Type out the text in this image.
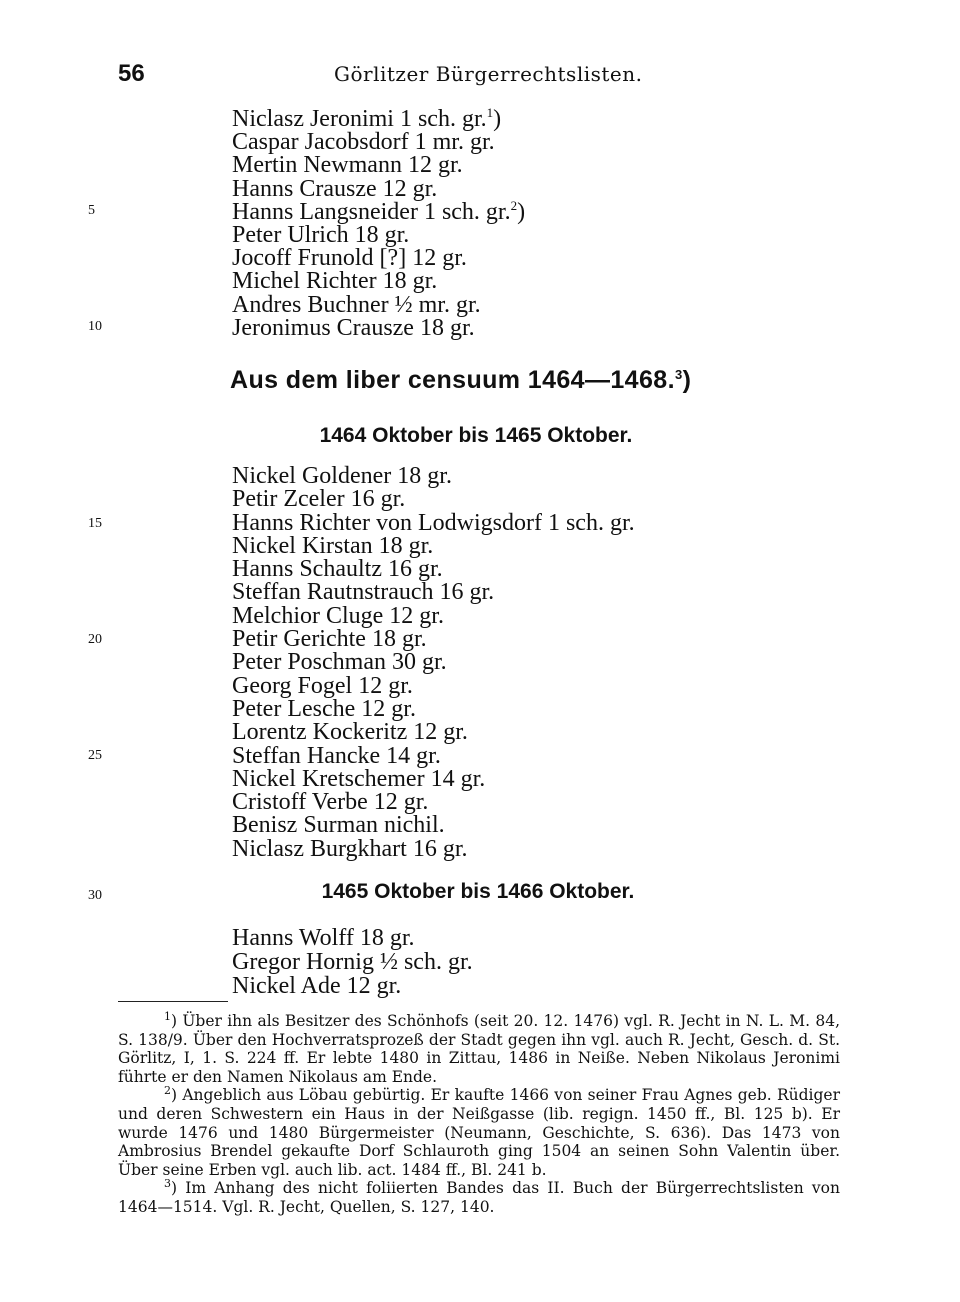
56	Görlitzer Bürgerrechtslisten.
5
10
15
20
25
30
Niclasz Jeronimi 1 sch. gr.$^1$)
Caspar Jacobsdorf 1 mr. gr.
Mertin Newmann 12 gr.
Hanns Crausze 12 gr.
Hanns Langsneider 1 sch. gr.$^2$)
Peter Ulrich 18 gr.
Jocoff Frunold [?] 12 gr.
Michel Richter 18 gr.
Andres Buchner ½ mr. gr.
Jeronimus Crausze 18 gr.
Aus dem liber censuum 1464—1468.$^3$)
1464 Oktober bis 1465 Oktober.
Nickel Goldener 18 gr.
Petir Zceler 16 gr.
Hanns Richter von Lodwigsdorf 1 sch. gr.
Nickel Kirstan 18 gr.
Hanns Schaultz 16 gr.
Steffan Rautnstrauch 16 gr.
Melchior Cluge 12 gr.
Petir Gerichte 18 gr.
Peter Poschman 30 gr.
Georg Fogel 12 gr.
Peter Lesche 12 gr.
Lorentz Kockeritz 12 gr.
Steffan Hancke 14 gr.
Nickel Kretschemer 14 gr.
Cristoff Verbe 12 gr.
Benisz Surman nichil.
Niclasz Burgkhart 16 gr.
1465 Oktober bis 1466 Oktober.
Hanns Wolff 18 gr.
Gregor Hornig ½ sch. gr.
Nickel Ade 12 gr.

$^1$) Über ihn als Besitzer des Schönhofs (seit 20. 12. 1476) vgl. R. Jecht in N. L. M. 84, S. 138/9. Über den Hochverratsprozeß der Stadt gegen ihn vgl. auch R. Jecht, Gesch. d. St. Görlitz, I, 1. S. 224 ff. Er lebte 1480 in Zittau, 1486 in Neiße. Neben Nikolaus Jeronimi führte er den Namen Nikolaus am Ende.

$^2$) Angeblich aus Löbau gebürtig. Er kaufte 1466 von seiner Frau Agnes geb. Rüdiger und deren Schwestern ein Haus in der Neißgasse (lib. regign. 1450 ff., Bl. 125 b). Er wurde 1476 und 1480 Bürgermeister (Neumann, Geschichte, S. 636). Das 1473 von Ambrosius Brendel gekaufte Dorf Schlauroth ging 1504 an seinen Sohn Valentin über. Über seine Erben vgl. auch lib. act. 1484 ff., Bl. 241 b.

$^3$) Im Anhang des nicht foliierten Bandes das II. Buch der Bürgerrechtslisten von 1464—1514. Vgl. R. Jecht, Quellen, S. 127, 140.
